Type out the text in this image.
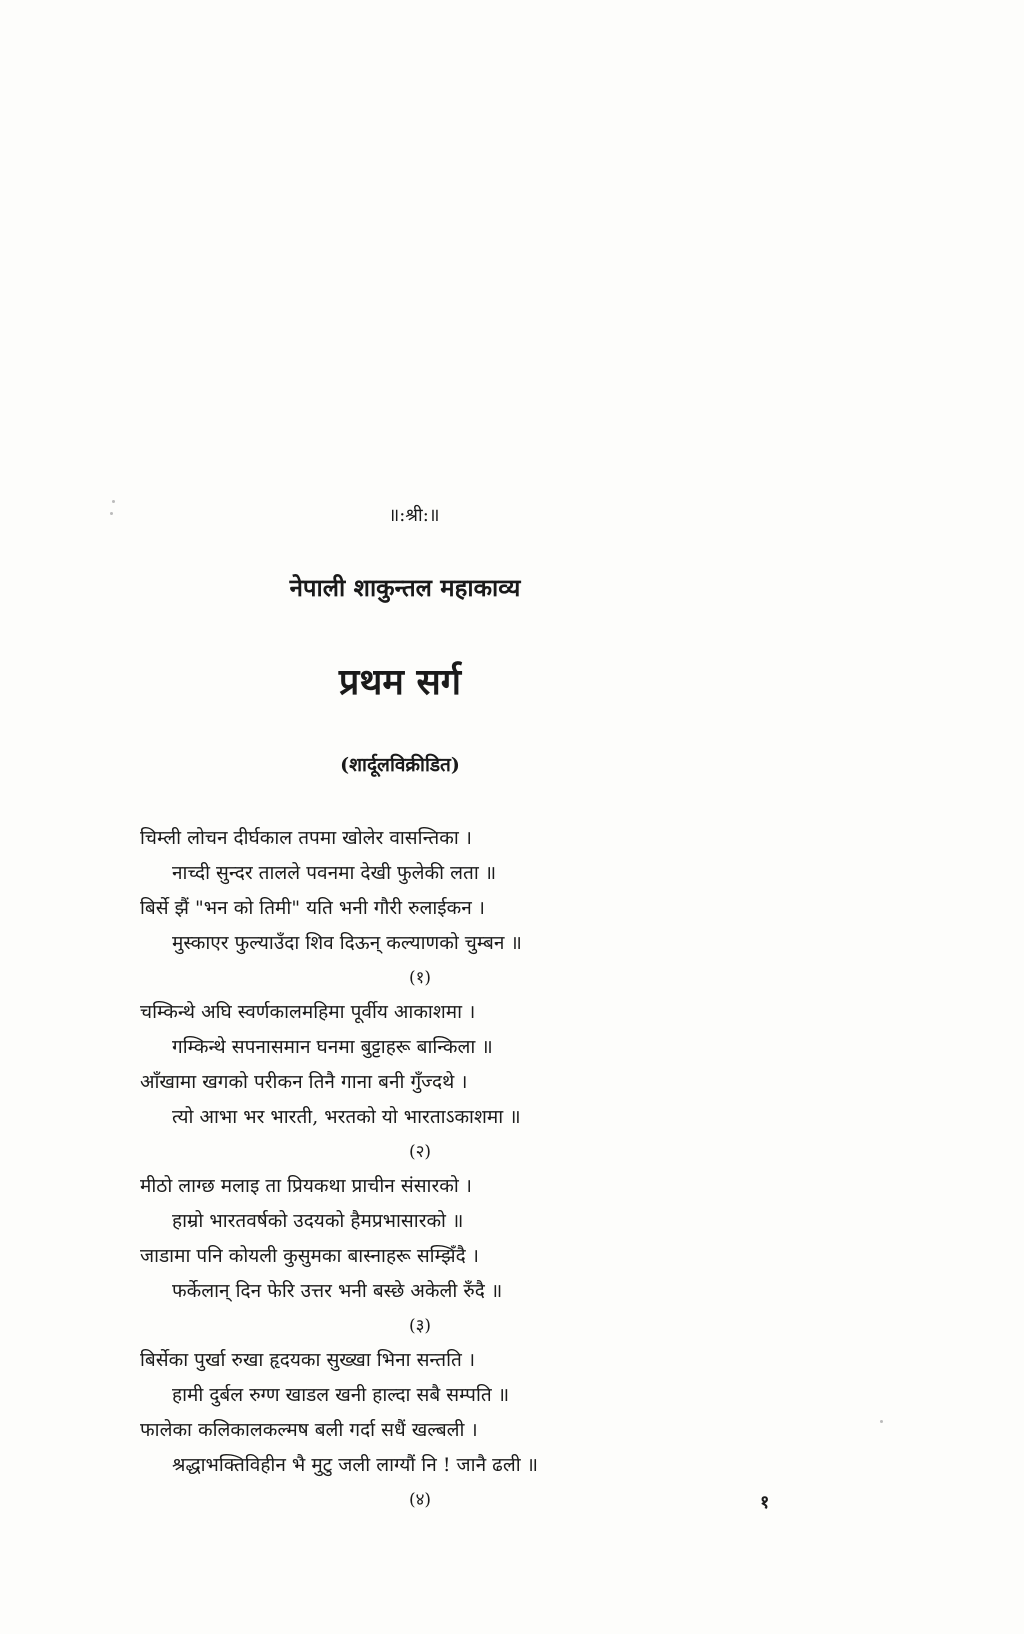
॥:श्री:॥
नेपाली शाकुन्तल महाकाव्य
प्रथम सर्ग
(शार्दूलविक्रीडित)
चिम्ली लोचन दीर्घकाल तपमा खोलेर वासन्तिका ।
नाच्दी सुन्दर तालले पवनमा देखी फुलेकी लता ॥
बिर्से झैं "भन को तिमी" यति भनी गौरी रुलाईकन ।
मुस्काएर फुल्याउँदा शिव दिऊन् कल्याणको चुम्बन ॥
(१)
चम्किन्थे अघि स्वर्णकालमहिमा पूर्वीय आकाशमा ।
गम्किन्थे सपनासमान घनमा बुट्टाहरू बान्किला ॥
आँखामा खगको परीकन तिनै गाना बनी गुँज्दथे ।
त्यो आभा भर भारती, भरतको यो भारताऽकाशमा ॥
(२)
मीठो लाग्छ मलाइ ता प्रियकथा प्राचीन संसारको ।
हाम्रो भारतवर्षको उदयको हैमप्रभासारको ॥
जाडामा पनि कोयली कुसुमका बास्नाहरू सम्झिँदै ।
फर्केलान् दिन फेरि उत्तर भनी बस्छे अकेली रुँदै ॥
(३)
बिर्सेका पुर्खा रुखा हृदयका सुख्खा भिना सन्तति ।
हामी दुर्बल रुग्ण खाडल खनी हाल्दा सबै सम्पति ॥
फालेका कलिकालकल्मष बली गर्दा सधैं खल्बली ।
श्रद्धाभक्तिविहीन भै मुटु जली लाग्यौं नि ! जानै ढली ॥
(४)	१
